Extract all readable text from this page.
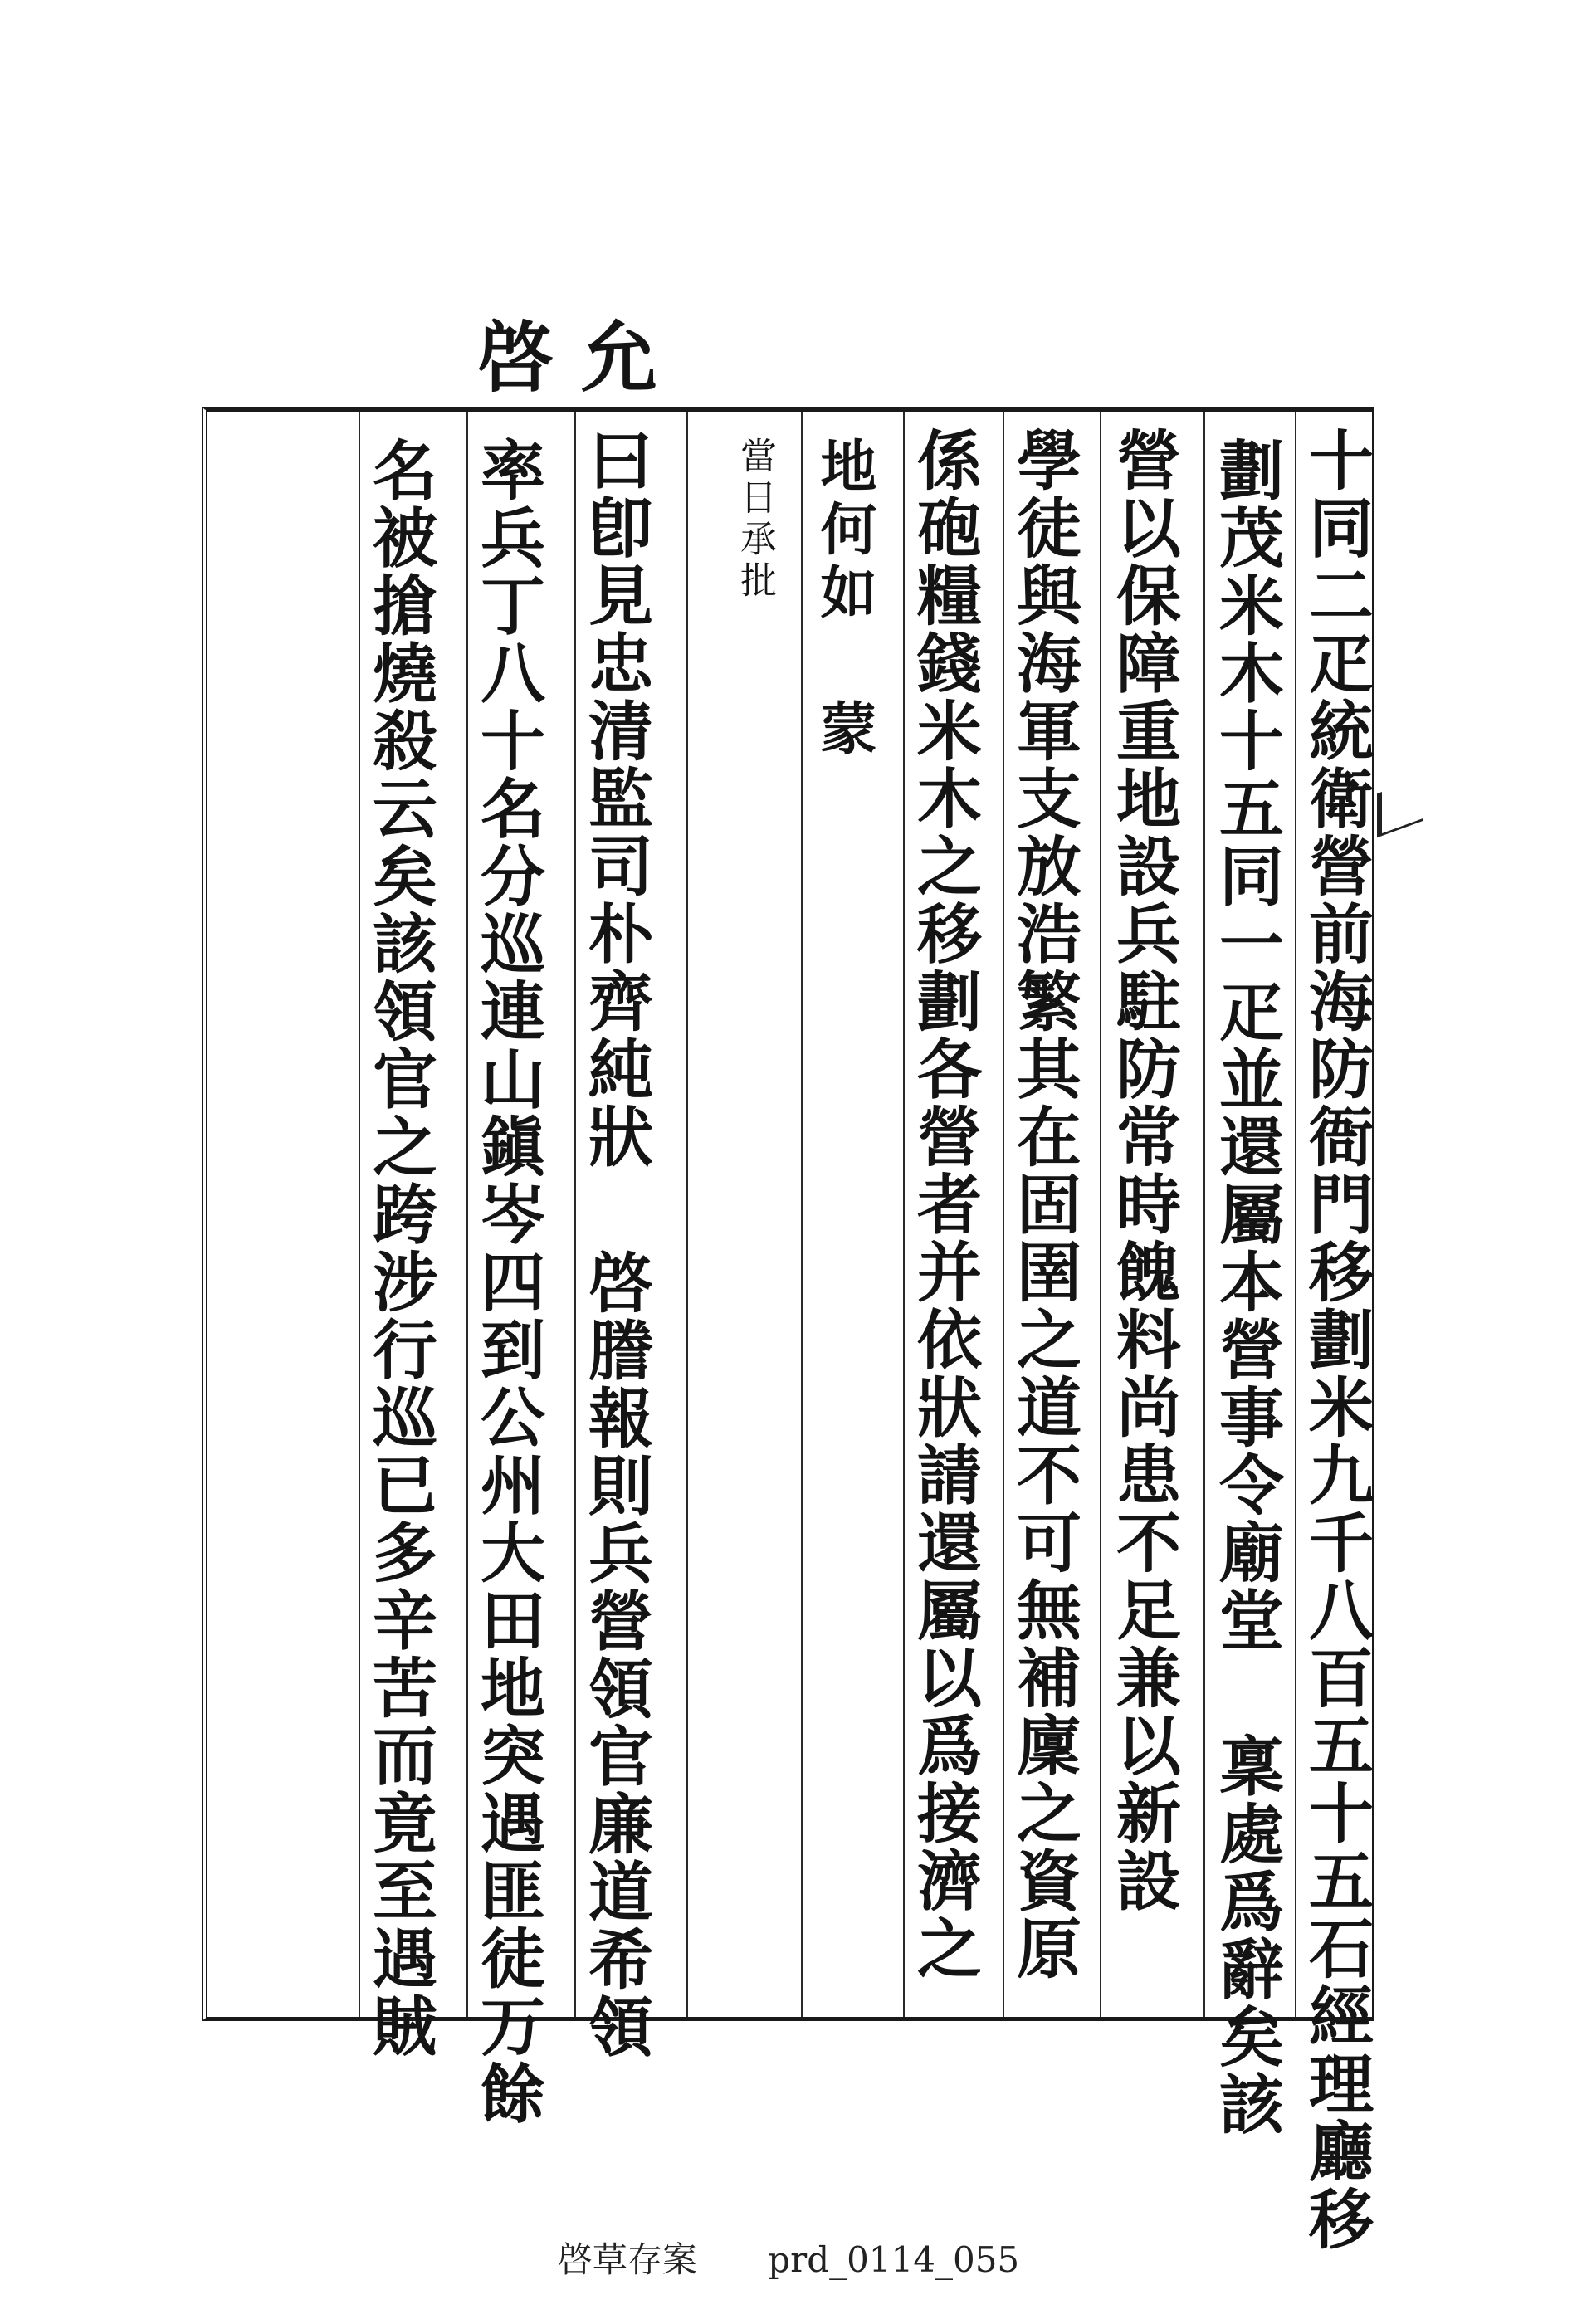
啓 允
十同二疋統衛營前海防衙門移劃米九千八百五十五石經理廳移
劃茂米木十五同一疋並還屬本營事令廟堂 稟處爲辭矣該
營以保障重地設兵駐防常時餽料尚患不足兼以新設
學徒與海軍支放浩繁其在固圉之道不可無補廩之資原
係砲糧錢米木之移劃各營者并依狀請還屬以爲接濟之
地何如 蒙
當日承批
曰卽見忠清監司朴齊純狀 啓謄報則兵營領官廉道希領
率兵丁八十名分巡連山鎭岑四到公州大田地突遇匪徒万餘
名被搶燒殺云矣該領官之跨涉行巡已多辛苦而竟至遇賊
啓草存案 prd_0114_055
